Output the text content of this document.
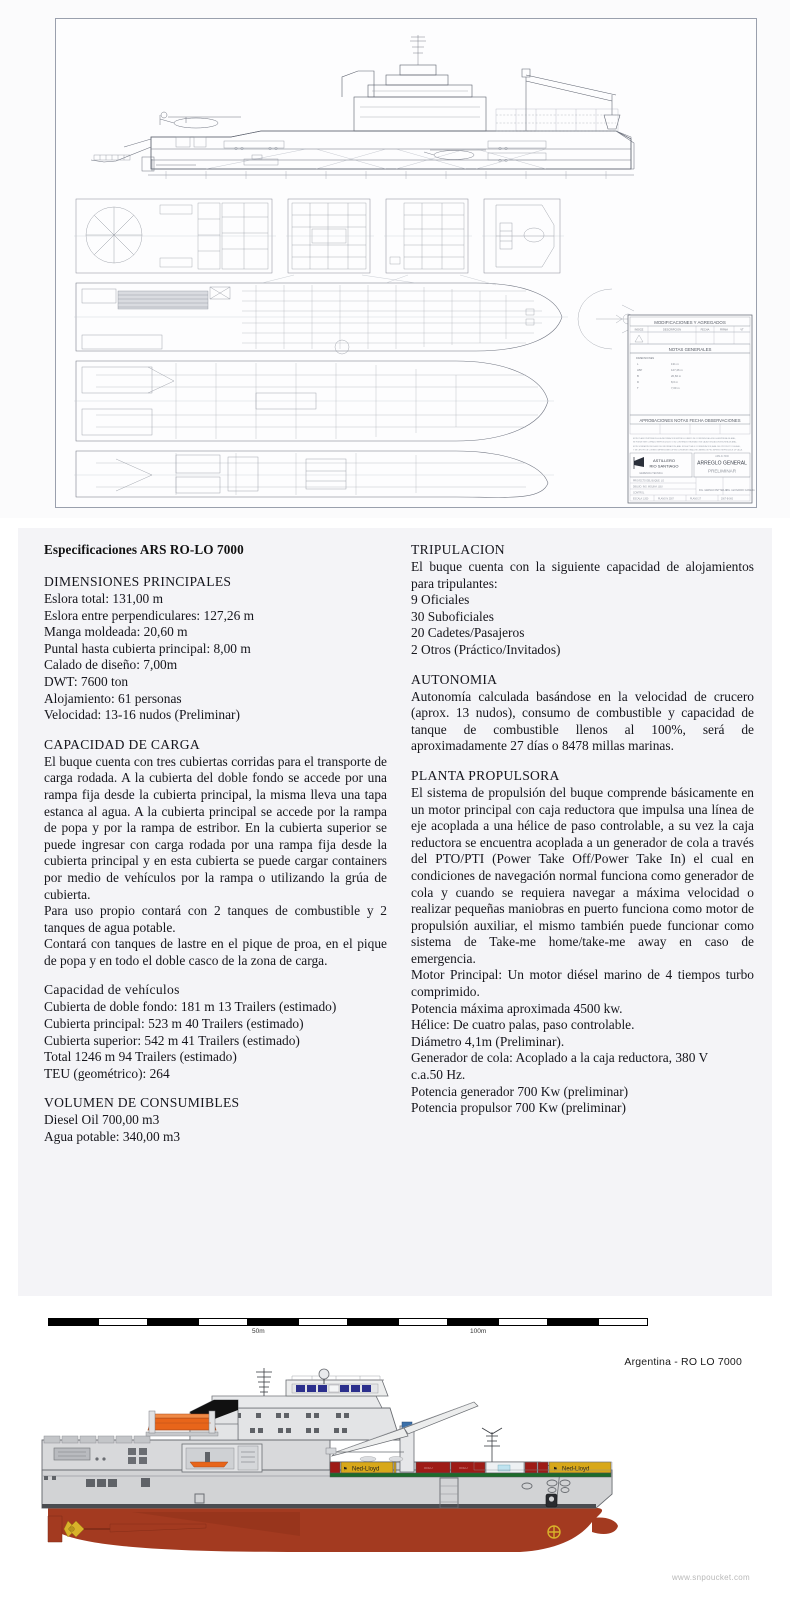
MODIFICACIONES Y AGREGADOS
INDICE	DESCRIPCION	FECHA	FIRMA	VT
NOTAS GENERALES
DIMENSIONES
L	131 m
LBP	127,26 m
B	20,60 m
D	8,0 m
T	7,00 m
APROBACIONES NOTAS FECHA OBSERVACIONES
ESTE PLANO PERTENECE A LA INFORMACION ENTRE EL LIBERO DE CONFIDENCIAL A DE LA EMPRESA DE AVAL,
SE PUEDE SER COPIADO REPRODUCIDO O SU CONTENIDO RELEVADO SIN LA AUTORIZACION ESCRITA DE AVAL.
ESTE SOBRANTE RECLAMO DE INFORMACION, AVAL NOS ACTUAL E CONSERVACION, AVAL DEL PROYECTO DE AVAL,
Y SE LIEV PE DE CORREO IMPRESIONES UP EN CONVENTE ORALLES LIBERELOS PEL IMPERIO REPRODUCE UP LACA.
ASTILLERO
RIO SANTIAGO
GERENCIA TECNICA
ARS-D-7000
ARREGLO GENERAL
PRELIMINAR
PROYECTO DEL BUQUE. LG
DIBUJO. ING. MOLINA. LBU
CONTROL
ING. GERMAN PETTER AV
ING. LEONARDO CAMERA
ESCALA 1:200	PLANO N 2007	PLANO 27	2007-B-000
Especificaciones ARS RO-LO 7000
DIMENSIONES PRINCIPALES
Eslora total: 131,00 m
Eslora entre perpendiculares: 127,26 m
Manga moldeada: 20,60 m
Puntal hasta cubierta principal: 8,00 m
Calado de diseño: 7,00m
DWT: 7600 ton
Alojamiento: 61 personas
Velocidad: 13-16 nudos (Preliminar)
CAPACIDAD DE CARGA

El buque cuenta con tres cubiertas corridas para el transporte de carga rodada. A la cubierta del doble fondo se accede por una rampa fija desde la cubierta principal, la misma lleva una tapa estanca al agua. A la cubierta principal se accede por la rampa de popa y por la rampa de estribor. En la cubierta superior se puede ingresar con carga rodada por una rampa fija desde la cubierta principal y en esta cubierta se puede cargar containers por medio de vehículos por la rampa o utilizando la grúa de cubierta.

Para uso propio contará con 2 tanques de combustible y 2 tanques de agua potable.

Contará con tanques de lastre en el pique de proa, en el pique de popa y en todo el doble casco de la zona de carga.

Capacidad de vehículos
Cubierta de doble fondo: 181 m 13 Trailers (estimado)
Cubierta principal: 523 m 40 Trailers (estimado)
Cubierta superior: 542 m 41 Trailers (estimado)
Total 1246 m 94 Trailers (estimado)
TEU (geométrico): 264
VOLUMEN DE CONSUMIBLES
Diesel Oil 700,00 m3
Agua potable: 340,00 m3
TRIPULACION

El buque cuenta con la siguiente capacidad de alojamientos para tripulantes:

9 Oficiales
30 Suboficiales
20 Cadetes/Pasajeros
2 Otros (Práctico/Invitados)
AUTONOMIA

Autonomía calculada basándose en la velocidad de crucero (aprox. 13 nudos), consumo de combustible y capacidad de tanque de combustible llenos al 100%, será de aproximadamente 27 días o 8478 millas marinas.

PLANTA PROPULSORA

El sistema de propulsión del buque comprende básicamente en un motor principal con caja reductora que impulsa una línea de eje acoplada a una hélice de paso controlable, a su vez la caja reductora se encuentra acoplada a un generador de cola a través del PTO/PTI (Power Take Off/Power Take In) el cual en condiciones de navegación normal funciona como generador de cola y cuando se requiera navegar a máxima velocidad o realizar pequeñas maniobras en puerto funciona como motor de propulsión auxiliar, el mismo también puede funcionar como sistema de Take-me home/take-me away en caso de emergencia.

Motor Principal: Un motor diésel marino de 4 tiempos turbo comprimido.

Potencia máxima aproximada 4500 kw.
Hélice: De cuatro palas, paso controlable.
Diámetro 4,1m (Preliminar).
Generador de cola: Acoplado a la caja reductora, 380 V
c.a.50 Hz.
Potencia generador 700 Kw (preliminar)
Potencia propulsor 700 Kw (preliminar)
50m	100m
Argentina - RO LO 7000
Ned-Lloyd	Ned-Lloyd
⚑	⚑
OOLU	OOLU
www.snpoucket.com
